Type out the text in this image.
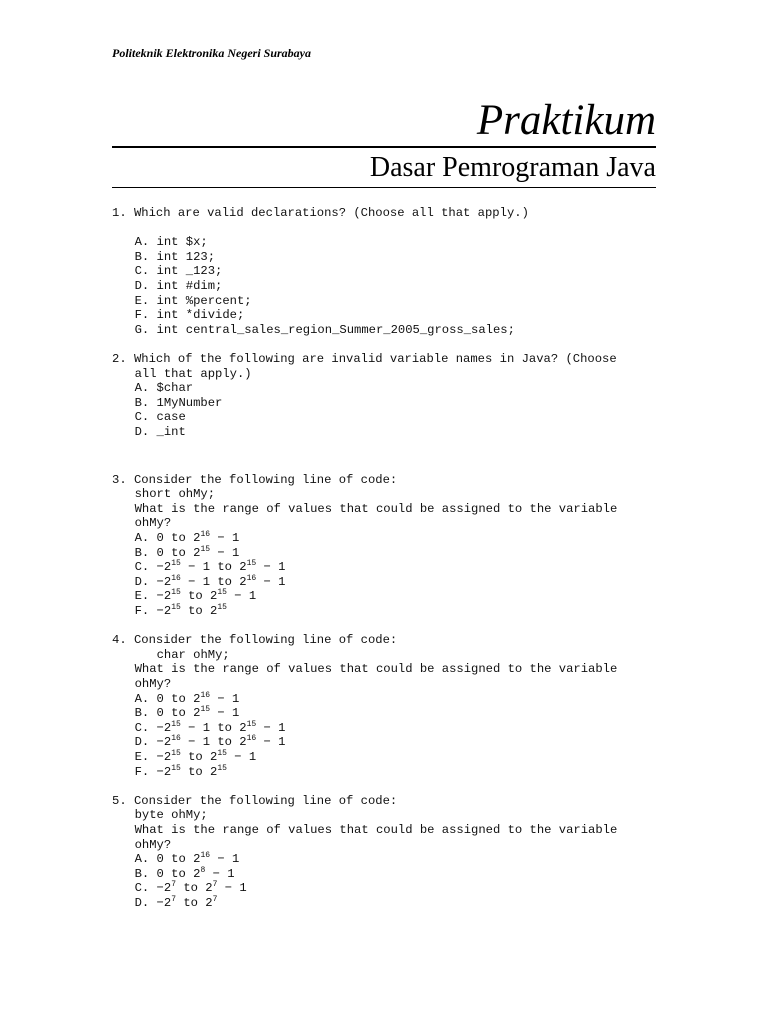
Politeknik Elektronika Negeri Surabaya
Praktikum
Dasar Pemrograman Java
1. Which are valid declarations? (Choose all that apply.)
A. int $x;
B. int 123;
C. int _123;
D. int #dim;
E. int %percent;
F. int *divide;
G. int central_sales_region_Summer_2005_gross_sales;
2. Which of the following are invalid variable names in Java? (Choose
all that apply.)
A. $char
B. 1MyNumber
C. case
D. _int
3. Consider the following line of code:
short ohMy;
What is the range of values that could be assigned to the variable
ohMy?
A. 0 to $2^{16} - 1$
B. 0 to $2^{15} - 1$
C. $-2^{15} - 1$ to $2^{15} - 1$
D. $-2^{16} - 1$ to $2^{16} - 1$
E. $-2^{15}$ to $2^{15} - 1$
F. $-2^{15}$ to $2^{15}$
4. Consider the following line of code:
char ohMy;
What is the range of values that could be assigned to the variable
ohMy?
A. 0 to $2^{16} - 1$
B. 0 to $2^{15} - 1$
C. $-2^{15} - 1$ to $2^{15} - 1$
D. $-2^{16} - 1$ to $2^{16} - 1$
E. $-2^{15}$ to $2^{15} - 1$
F. $-2^{15}$ to $2^{15}$
5. Consider the following line of code:
byte ohMy;
What is the range of values that could be assigned to the variable
ohMy?
A. 0 to $2^{16} - 1$
B. 0 to $2^8 - 1$
C. $-2^7$ to $2^7 - 1$
D. $-2^7$ to $2^7$
